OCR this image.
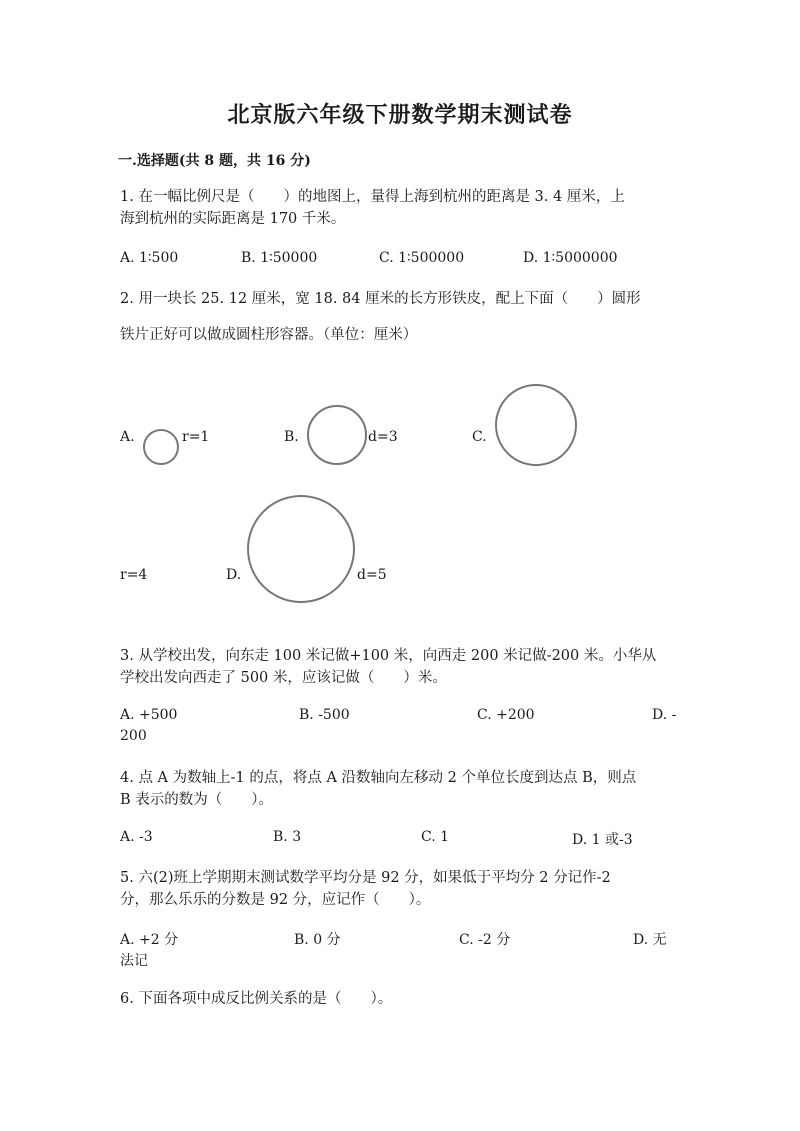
北京版六年级下册数学期末测试卷
一.选择题(共 8 题，共 16 分)
1. 在一幅比例尺是（　　）的地图上，量得上海到杭州的距离是 3. 4 厘米，上
海到杭州的实际距离是 170 千米。
A. 1∶500	B. 1∶50000	C. 1∶500000	D. 1∶5000000
2. 用一块长 25. 12 厘米，宽 18. 84 厘米的长方形铁皮，配上下面（　　）圆形
铁片正好可以做成圆柱形容器。（单位：厘米）
A.	r=1	B.	d=3	C.
r=4	D.	d=5
3. 从学校出发，向东走 100 米记做+100 米，向西走 200 米记做-200 米。小华从
学校出发向西走了 500 米，应该记做（　　）米。
A. +500	B. -500	C. +200	D. -
200
4. 点 A 为数轴上-1 的点，将点 A 沿数轴向左移动 2 个单位长度到达点 B，则点
B 表示的数为（　　）。
A. -3	B. 3	C. 1	D. 1 或-3
5. 六(2)班上学期期末测试数学平均分是 92 分，如果低于平均分 2 分记作-2
分，那么乐乐的分数是 92 分，应记作（　　）。
A. +2 分	B. 0 分	C. -2 分	D. 无
法记
6. 下面各项中成反比例关系的是（　　）。
